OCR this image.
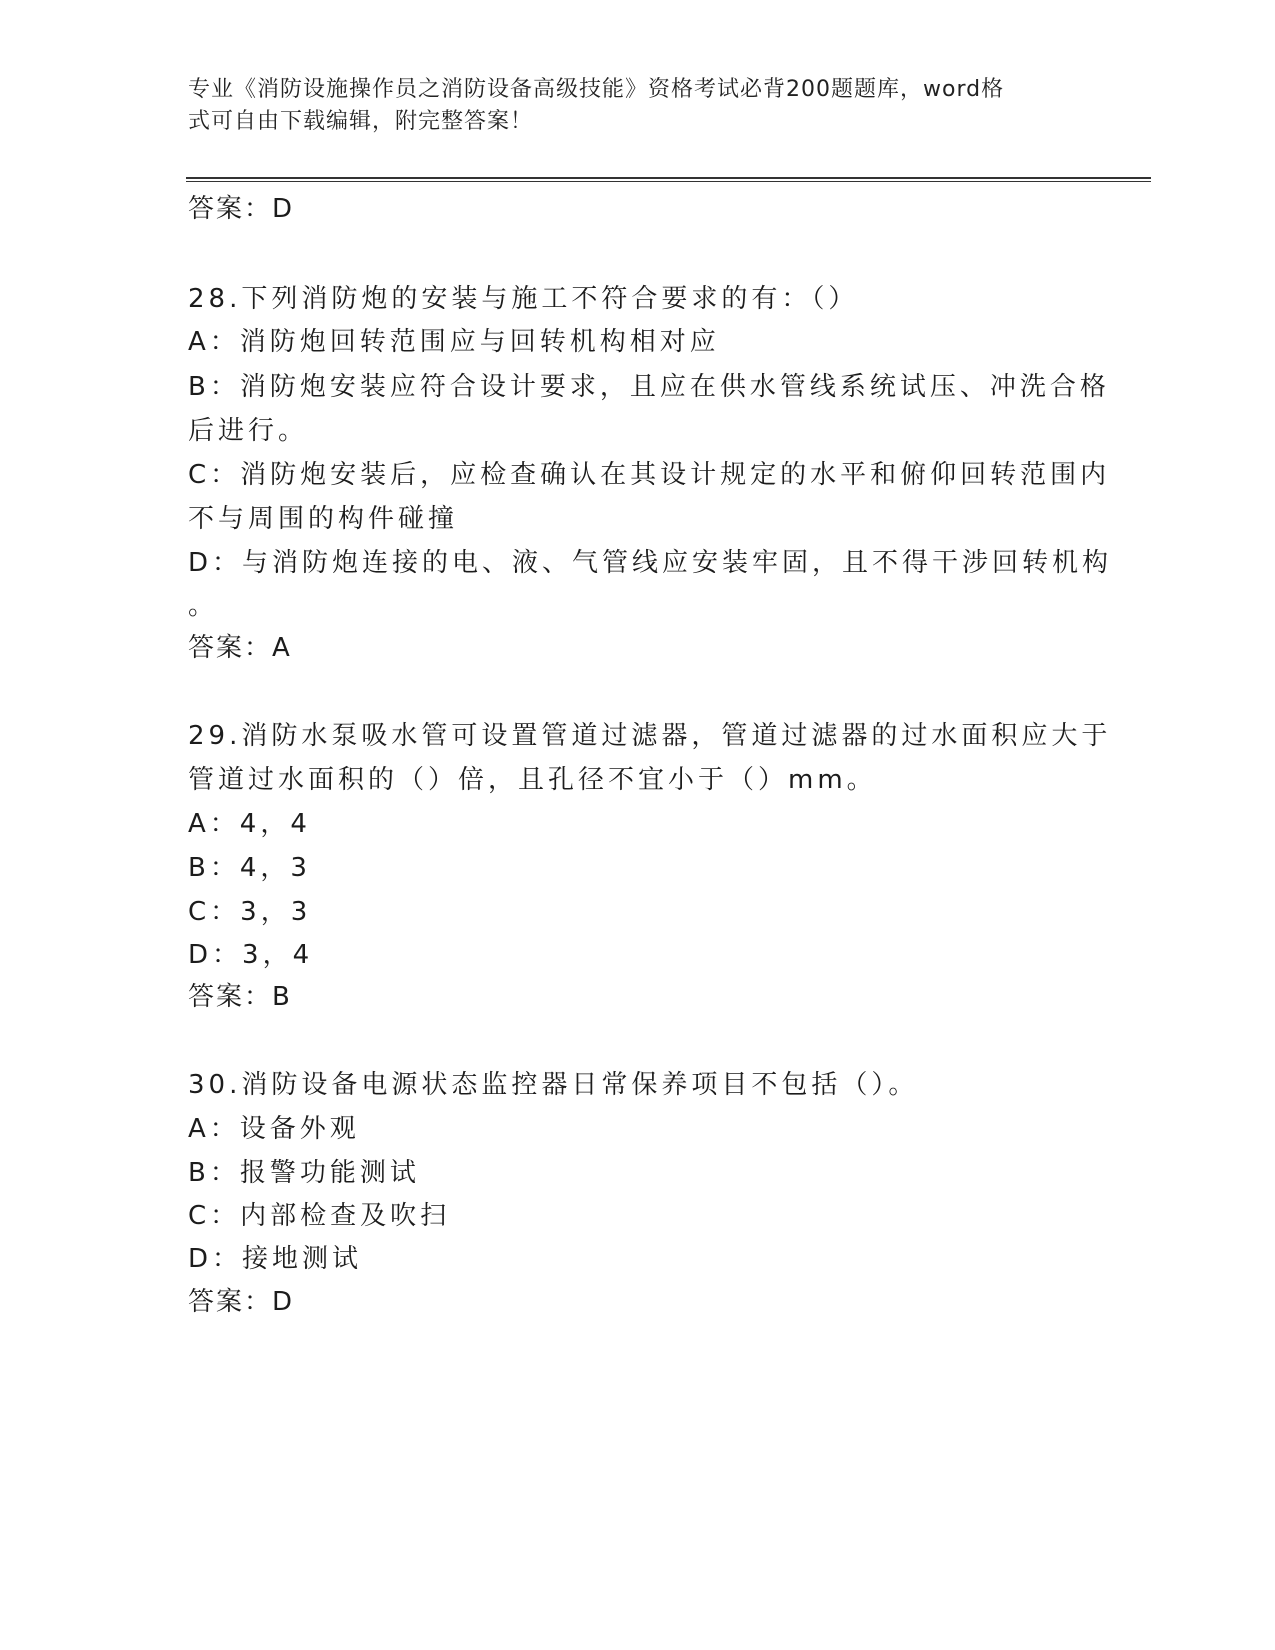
专业《消防设施操作员之消防设备高级技能》资格考试必背200题题库，word格
式可自由下载编辑，附完整答案！
答案：D
28.下列消防炮的安装与施工不符合要求的有：（）
A：消防炮回转范围应与回转机构相对应
B：消防炮安装应符合设计要求，且应在供水管线系统试压、冲洗合格
后进行。
C：消防炮安装后，应检查确认在其设计规定的水平和俯仰回转范围内
不与周围的构件碰撞
D：与消防炮连接的电、液、气管线应安装牢固，且不得干涉回转机构
。
答案：A
29.消防水泵吸水管可设置管道过滤器，管道过滤器的过水面积应大于
管道过水面积的（）倍，且孔径不宜小于（）mm。
A：4，4
B：4，3
C：3，3
D：3，4
答案：B
30.消防设备电源状态监控器日常保养项目不包括（）。
A：设备外观
B：报警功能测试
C：内部检查及吹扫
D：接地测试
答案：D
